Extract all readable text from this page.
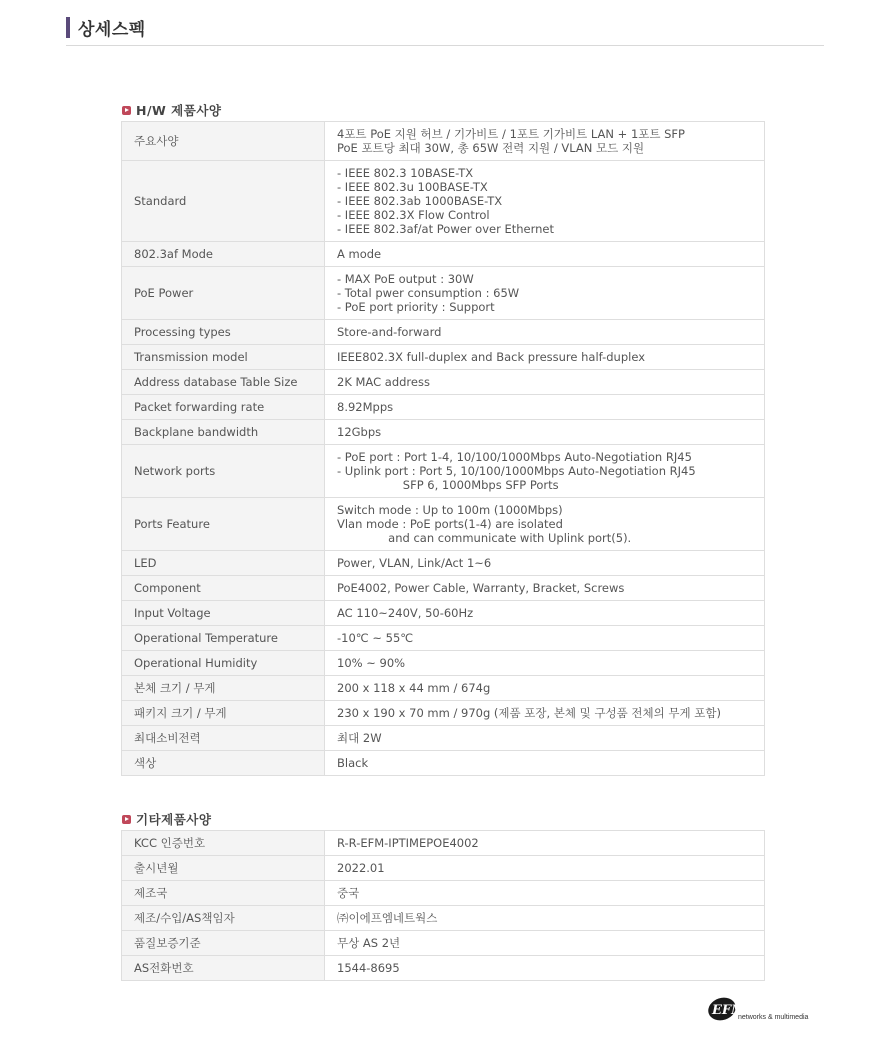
상세스펙
H/W 제품사양
주요사양	4포트 PoE 지원 허브 / 기가비트 / 1포트 기가비트 LAN + 1포트 SFP
PoE 포트당 최대 30W, 총 65W 전력 지원 / VLAN 모드 지원

Standard	- IEEE 802.3 10BASE-TX
- IEEE 802.3u 100BASE-TX
- IEEE 802.3ab 1000BASE-TX
- IEEE 802.3X Flow Control
- IEEE 802.3af/at Power over Ethernet

802.3af Mode	A mode

PoE Power	- MAX PoE output : 30W
- Total pwer consumption : 65W
- PoE port priority : Support

Processing types	Store-and-forward

Transmission model	IEEE802.3X full-duplex and Back pressure half-duplex

Address database Table Size	2K MAC address

Packet forwarding rate	8.92Mpps

Backplane bandwidth	12Gbps

Network ports	- PoE port : Port 1-4, 10/100/1000Mbps Auto-Negotiation RJ45
- Uplink port : Port 5, 10/100/1000Mbps Auto-Negotiation RJ45
SFP 6, 1000Mbps SFP Ports

Ports Feature	Switch mode : Up to 100m (1000Mbps)
Vlan mode : PoE ports(1-4) are isolated
and can communicate with Uplink port(5).

LED	Power, VLAN, Link/Act 1~6

Component	PoE4002, Power Cable, Warranty, Bracket, Screws

Input Voltage	AC 110~240V, 50-60Hz

Operational Temperature	-10℃ ~ 55℃

Operational Humidity	10% ~ 90%

본체 크기 / 무게	200 x 118 x 44 mm / 674g

패키지 크기 / 무게	230 x 190 x 70 mm / 970g (제품 포장, 본체 및 구성품 전체의 무게 포함)

최대소비전력	최대 2W

색상	Black
기타제품사양
KCC 인증번호	R-R-EFM-IPTIMEPOE4002

출시년월	2022.01

제조국	중국

제조/수입/AS책임자	㈜이에프엠네트웍스

품질보증기준	무상 AS 2년

AS전화번호	1544-8695
EFM
networks & multimedia
